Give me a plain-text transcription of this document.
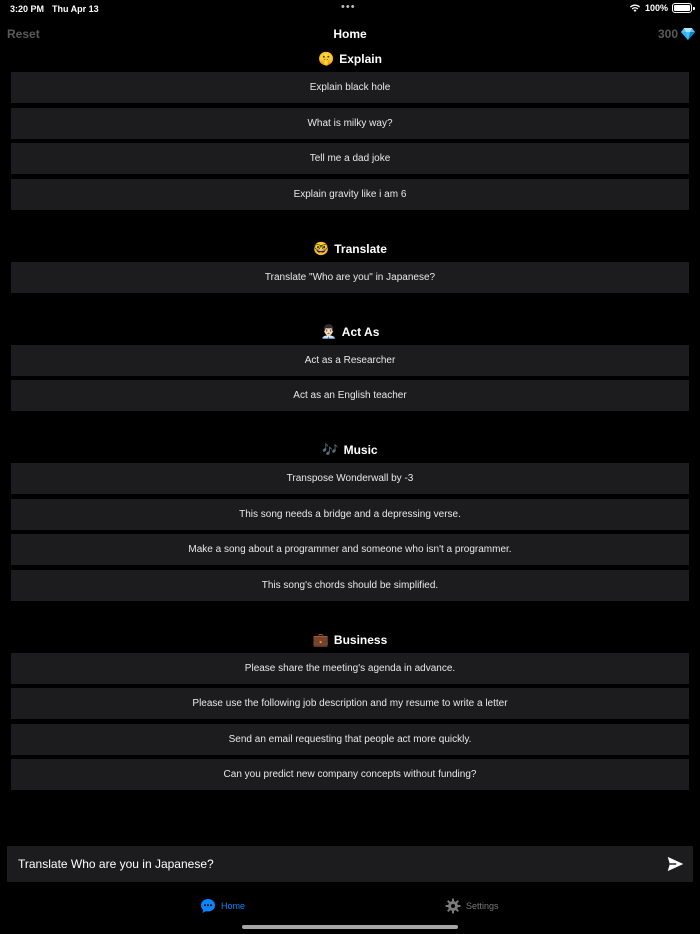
3:20 PM Thu Apr 13	•••	100%
Reset	Home	300
🤫 Explain
Explain black hole
What is milky way?
Tell me a dad joke
Explain gravity like i am 6
🤓 Translate
Translate "Who are you" in Japanese?
👨🏻‍💼 Act As
Act as a Researcher
Act as an English teacher
🎶 Music
Transpose Wonderwall by -3
This song needs a bridge and a depressing verse.
Make a song about a programmer and someone who isn't a programmer.
This song's chords should be simplified.
💼 Business
Please share the meeting's agenda in advance.
Please use the following job description and my resume to write a letter
Send an email requesting that people act more quickly.
Can you predict new company concepts without funding?
Translate Who are you in Japanese?
Home	Settings
